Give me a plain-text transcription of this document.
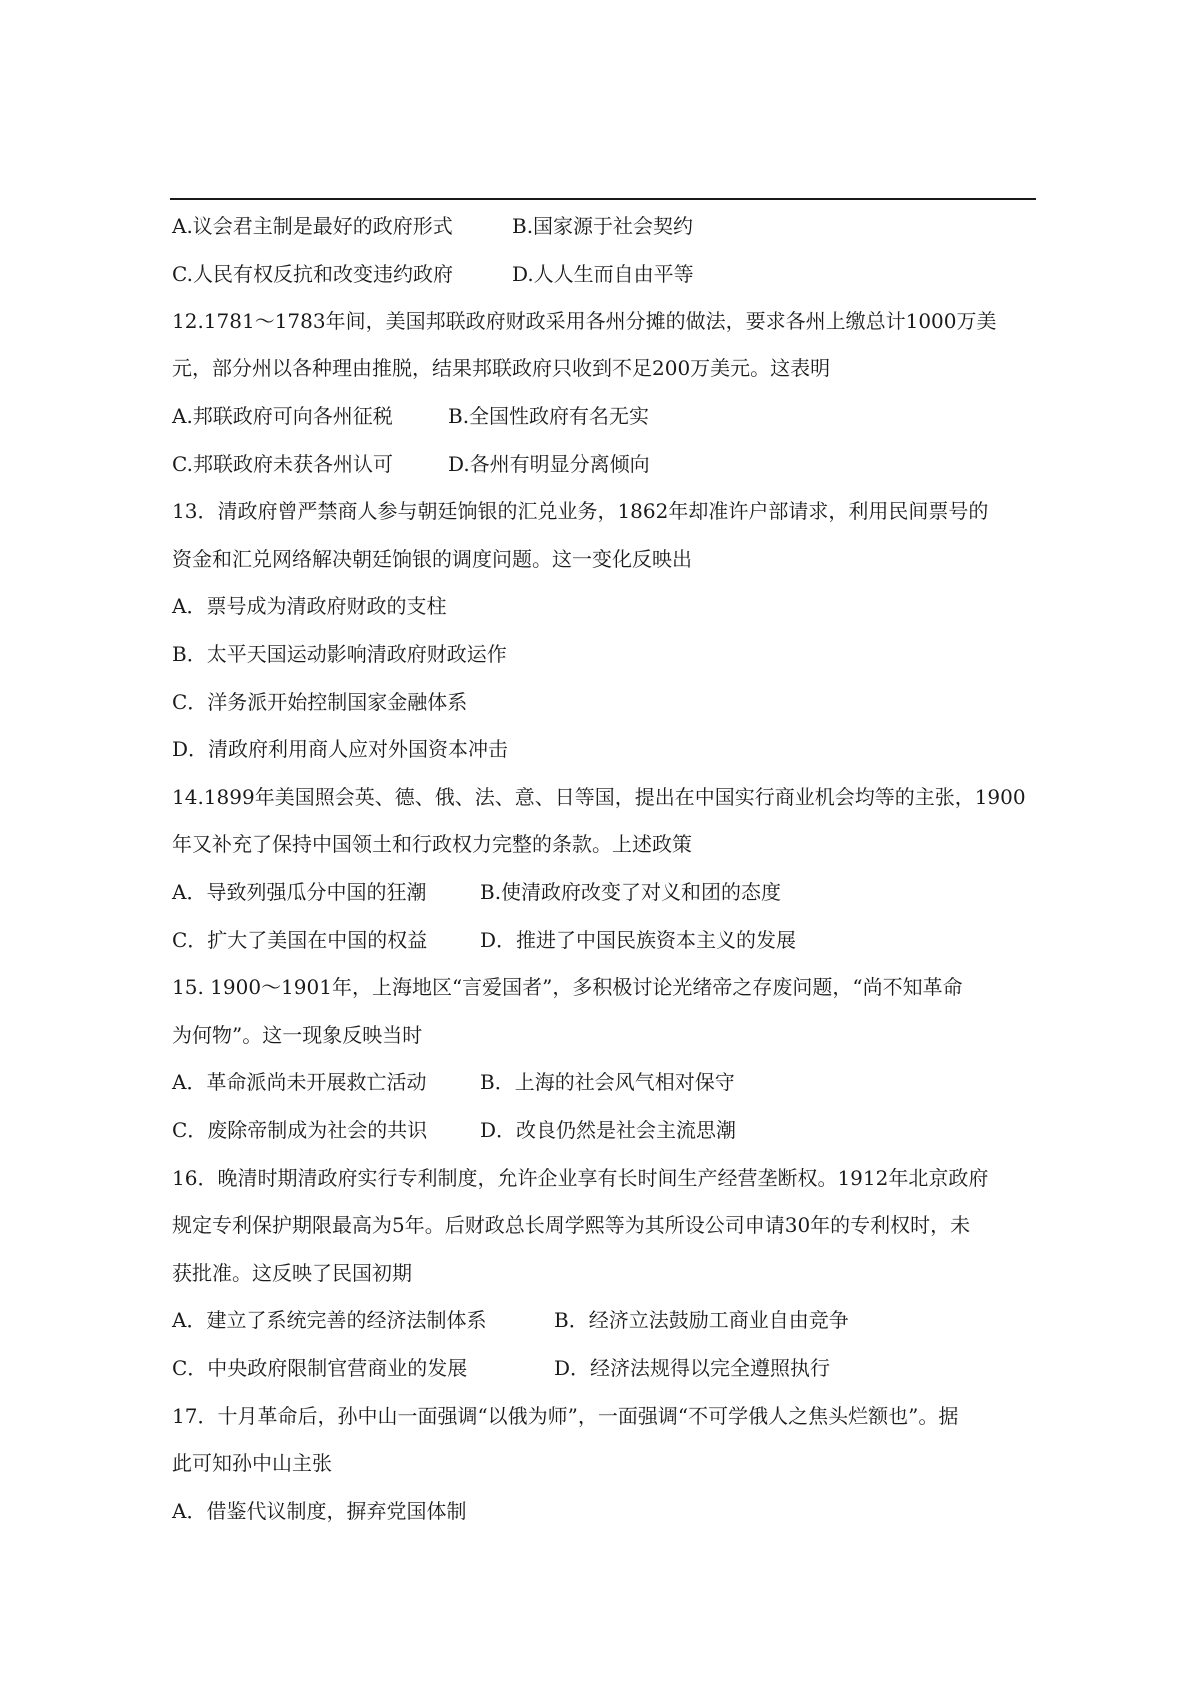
A.议会君主制是最好的政府形式

	B.国家源于社会契约

C.人民有权反抗和改变违约政府

	D.人人生而自由平等

12.1781～1783年间，美国邦联政府财政采用各州分摊的做法，要求各州上缴总计1000万美
元，部分州以各种理由推脱，结果邦联政府只收到不足200万美元。这表明

A.邦联政府可向各州征税

	B.全国性政府有名无实

C.邦联政府未获各州认可

	D.各州有明显分离倾向

13．清政府曾严禁商人参与朝廷饷银的汇兑业务，1862年却准许户部请求，利用民间票号的
资金和汇兑网络解决朝廷饷银的调度问题。这一变化反映出
A．票号成为清政府财政的支柱
B．太平天国运动影响清政府财政运作
C．洋务派开始控制国家金融体系
D．清政府利用商人应对外国资本冲击
14.1899年美国照会英、德、俄、法、意、日等国，提出在中国实行商业机会均等的主张，1900
年又补充了保持中国领土和行政权力完整的条款。上述政策

A．导致列强瓜分中国的狂潮

	B.使清政府改变了对义和团的态度

C．扩大了美国在中国的权益

	D．推进了中国民族资本主义的发展

15. 1900～1901年，上海地区“言爱国者”，多积极讨论光绪帝之存废问题，“尚不知革命
为何物”。这一现象反映当时

A．革命派尚未开展救亡活动

	B．上海的社会风气相对保守

C．废除帝制成为社会的共识

	D．改良仍然是社会主流思潮

16．晚清时期清政府实行专利制度，允许企业享有长时间生产经营垄断权。1912年北京政府
规定专利保护期限最高为5年。后财政总长周学熙等为其所设公司申请30年的专利权时，未
获批准。这反映了民国初期

A．建立了系统完善的经济法制体系

	B．经济立法鼓励工商业自由竞争

C．中央政府限制官营商业的发展

	D．经济法规得以完全遵照执行

17．十月革命后，孙中山一面强调“以俄为师”，一面强调“不可学俄人之焦头烂额也”。据
此可知孙中山主张
A．借鉴代议制度，摒弃党国体制
